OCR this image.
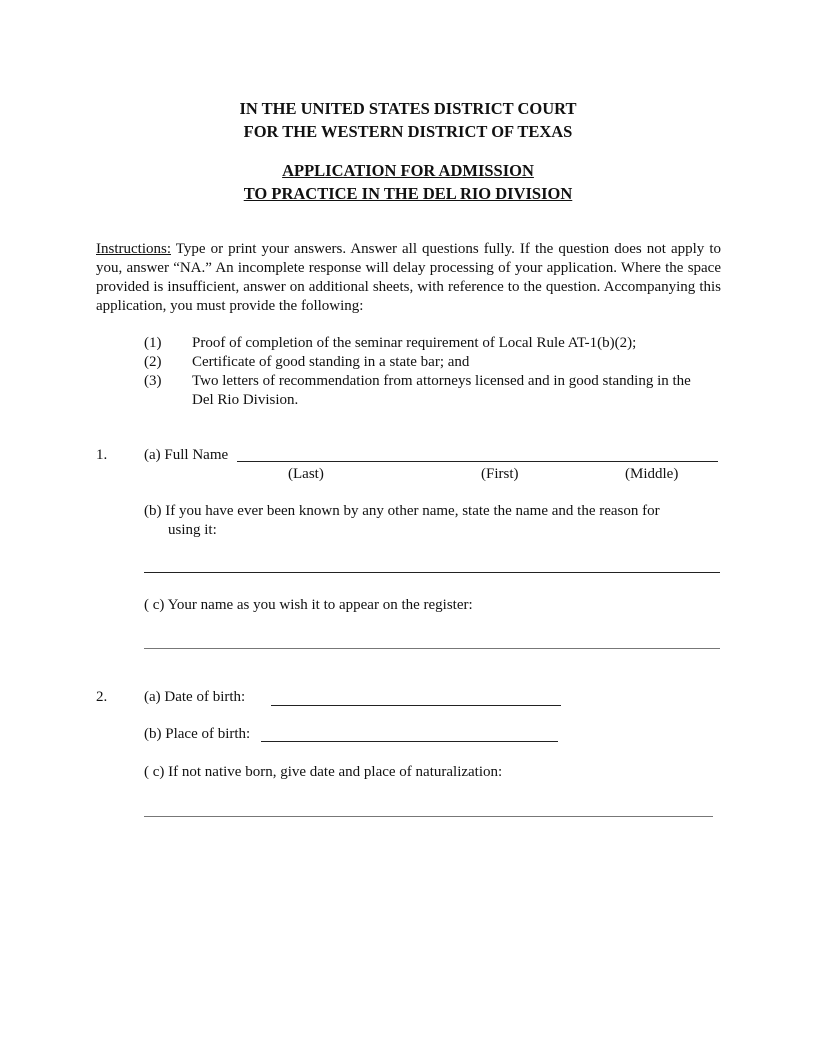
IN THE UNITED STATES DISTRICT COURT
FOR THE WESTERN DISTRICT OF TEXAS
APPLICATION FOR ADMISSION
TO PRACTICE IN THE DEL RIO DIVISION
Instructions: Type or print your answers. Answer all questions fully. If the question does not apply to you, answer “NA.” An incomplete response will delay processing of your application. Where the space provided is insufficient, answer on additional sheets, with reference to the question. Accompanying this application, you must provide the following:
(1) Proof of completion of the seminar requirement of Local Rule AT-1(b)(2);
(2) Certificate of good standing in a state bar; and
(3) Two letters of recommendation from attorneys licensed and in good standing in the Del Rio Division.
1. (a) Full Name
(Last)	(First)	(Middle)
(b) If you have ever been known by any other name, state the name and the reason for
using it:
( c) Your name as you wish it to appear on the register:
2. (a) Date of birth:
(b) Place of birth:
( c) If not native born, give date and place of naturalization:
